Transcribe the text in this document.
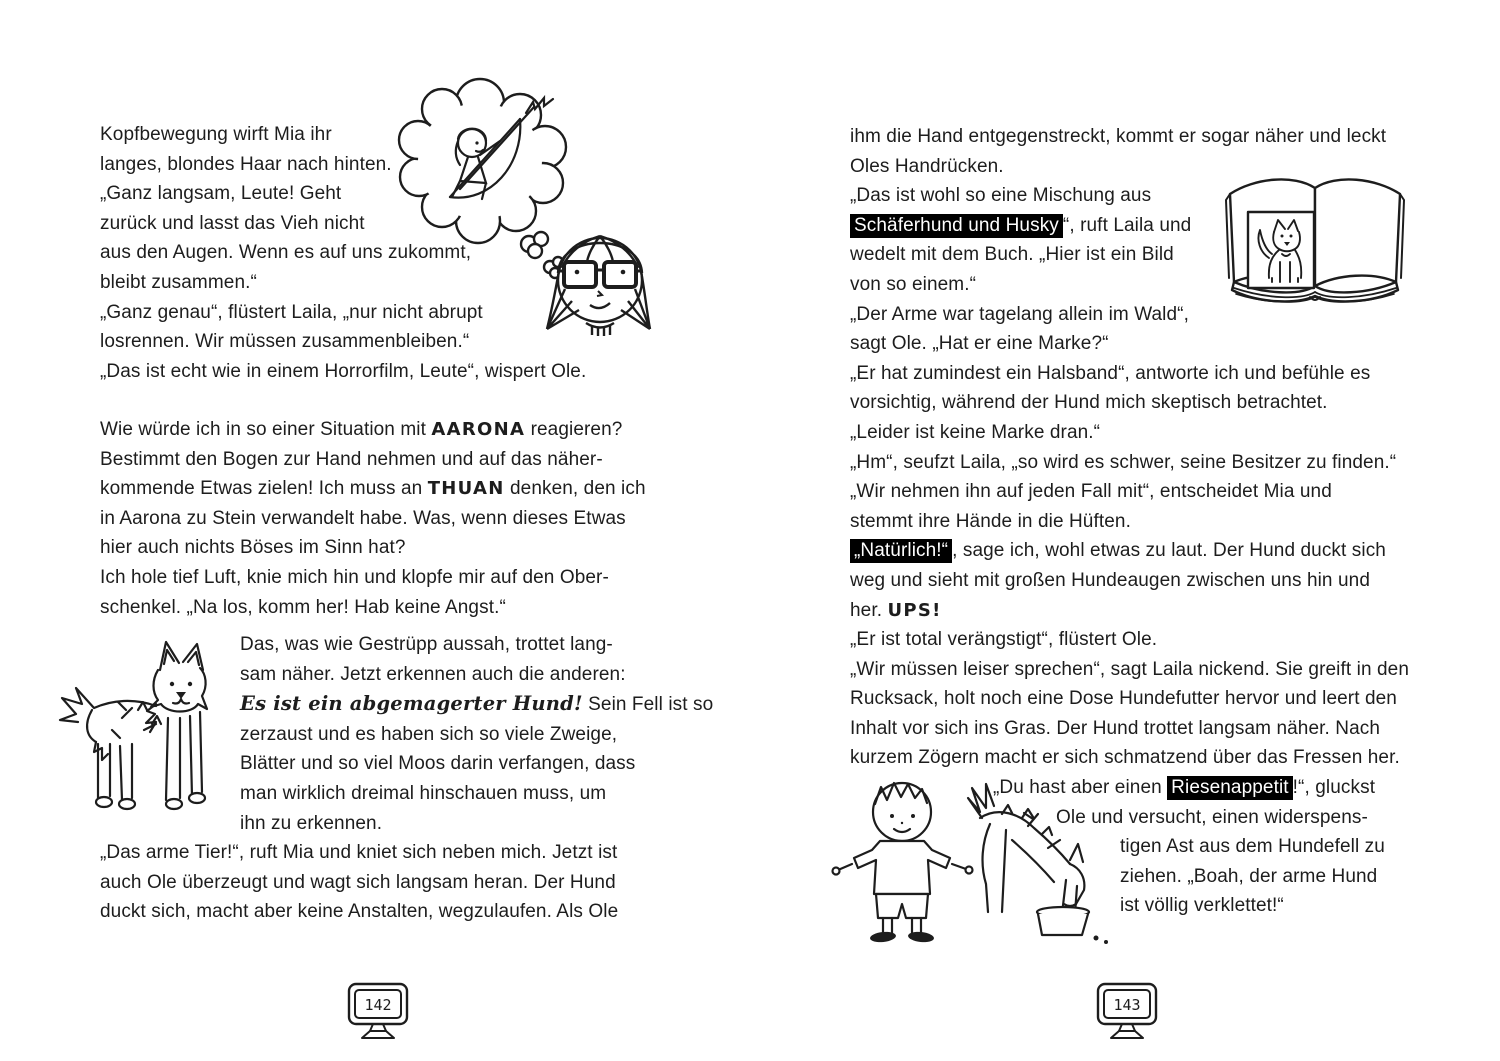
Kopfbewegung wirft Mia ihr
langes, blondes Haar nach hinten.
„Ganz langsam, Leute! Geht
zurück und lasst das Vieh nicht
aus den Augen. Wenn es auf uns zukommt,
bleibt zusammen.“
„Ganz genau“, flüstert Laila, „nur nicht abrupt
losrennen. Wir müssen zusammenbleiben.“
„Das ist echt wie in einem Horrorfilm, Leute“, wispert Ole.
Wie würde ich in so einer Situation mit AARONA reagieren?
Bestimmt den Bogen zur Hand nehmen und auf das näher-
kommende Etwas zielen! Ich muss an THUAN denken, den ich
in Aarona zu Stein verwandelt habe. Was, wenn dieses Etwas
hier auch nichts Böses im Sinn hat?
Ich hole tief Luft, knie mich hin und klopfe mir auf den Ober-
schenkel. „Na los, komm her! Hab keine Angst.“
Das, was wie Gestrüpp aussah, trottet lang-
sam näher. Jetzt erkennen auch die anderen:
Es ist ein abgemagerter Hund! Sein Fell ist so
zerzaust und es haben sich so viele Zweige,
Blätter und so viel Moos darin verfangen, dass
man wirklich dreimal hinschauen muss, um
ihn zu erkennen.
„Das arme Tier!“, ruft Mia und kniet sich neben mich. Jetzt ist
auch Ole überzeugt und wagt sich langsam heran. Der Hund
duckt sich, macht aber keine Anstalten, wegzulaufen. Als Ole
142
ihm die Hand entgegenstreckt, kommt er sogar näher und leckt
Oles Handrücken.
„Das ist wohl so eine Mischung aus
Schäferhund und Husky “, ruft Laila und
wedelt mit dem Buch. „Hier ist ein Bild
von so einem.“
„Der Arme war tagelang allein im Wald“,
sagt Ole. „Hat er eine Marke?“
„Er hat zumindest ein Halsband“, antworte ich und befühle es
vorsichtig, während der Hund mich skeptisch betrachtet.
„Leider ist keine Marke dran.“
„Hm“, seufzt Laila, „so wird es schwer, seine Besitzer zu finden.“
„Wir nehmen ihn auf jeden Fall mit“, entscheidet Mia und
stemmt ihre Hände in die Hüften.
„Natürlich!“ , sage ich, wohl etwas zu laut. Der Hund duckt sich
weg und sieht mit großen Hundeaugen zwischen uns hin und
her. UPS!
„Er ist total verängstigt“, flüstert Ole.
„Wir müssen leiser sprechen“, sagt Laila nickend. Sie greift in den
Rucksack, holt noch eine Dose Hundefutter hervor und leert den
Inhalt vor sich ins Gras. Der Hund trottet langsam näher. Nach
kurzem Zögern macht er sich schmatzend über das Fressen her.
„Du hast aber einen Riesenappetit !“, gluckst
Ole und versucht, einen widerspens-
tigen Ast aus dem Hundefell zu
ziehen. „Boah, der arme Hund
ist völlig verklettet!“
143
